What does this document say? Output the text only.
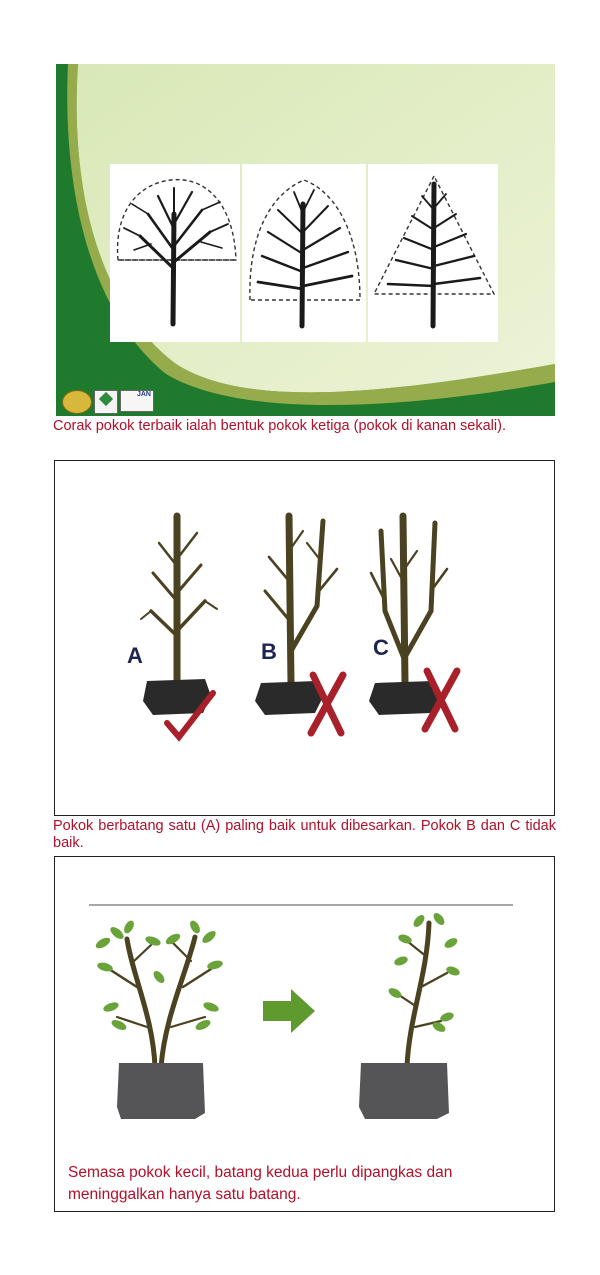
JAN
Corak pokok terbaik ialah bentuk pokok ketiga (pokok di kanan sekali).
A	B	C
Pokok berbatang satu (A) paling baik untuk dibesarkan. Pokok B dan C tidak baik.
Semasa pokok kecil, batang kedua perlu dipangkas dan meninggalkan hanya satu batang.
